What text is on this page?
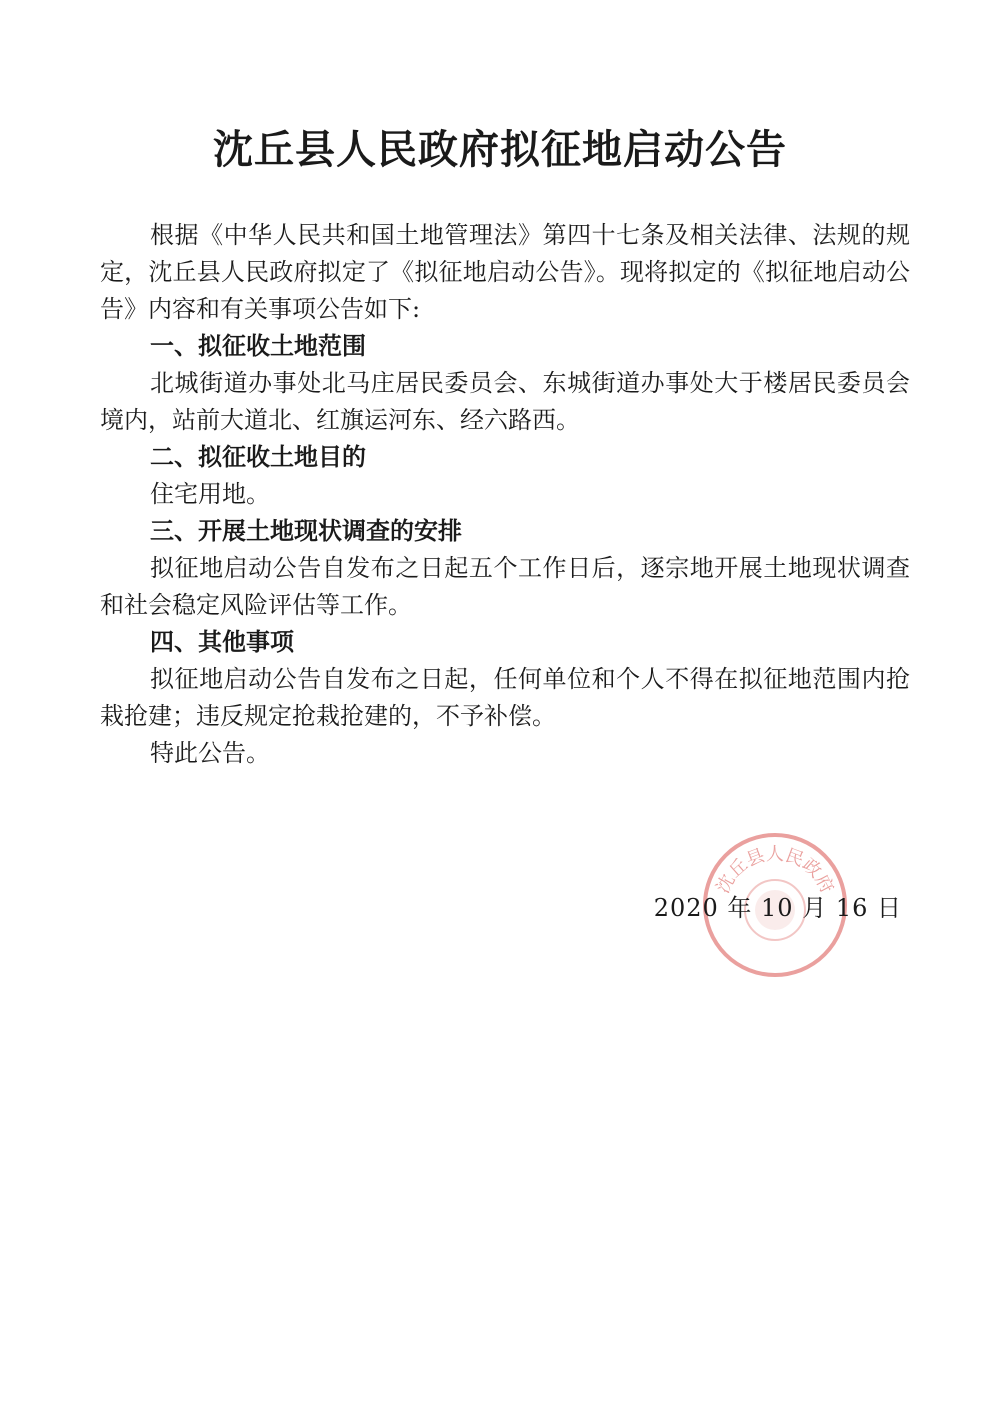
沈丘县人民政府拟征地启动公告

根据《中华人民共和国土地管理法》第四十七条及相关法律、法规的规定，沈丘县人民政府拟定了《拟征地启动公告》。现将拟定的《拟征地启动公告》内容和有关事项公告如下:

一、拟征收土地范围

北城街道办事处北马庄居民委员会、东城街道办事处大于楼居民委员会境内，站前大道北、红旗运河东、经六路西。

二、拟征收土地目的

住宅用地。

三、开展土地现状调查的安排

拟征地启动公告自发布之日起五个工作日后，逐宗地开展土地现状调查和社会稳定风险评估等工作。

四、其他事项

拟征地启动公告自发布之日起，任何单位和个人不得在拟征地范围内抢栽抢建；违反规定抢栽抢建的，不予补偿。

特此公告。

沈丘县人民政府
2020 年 10 月 16 日
